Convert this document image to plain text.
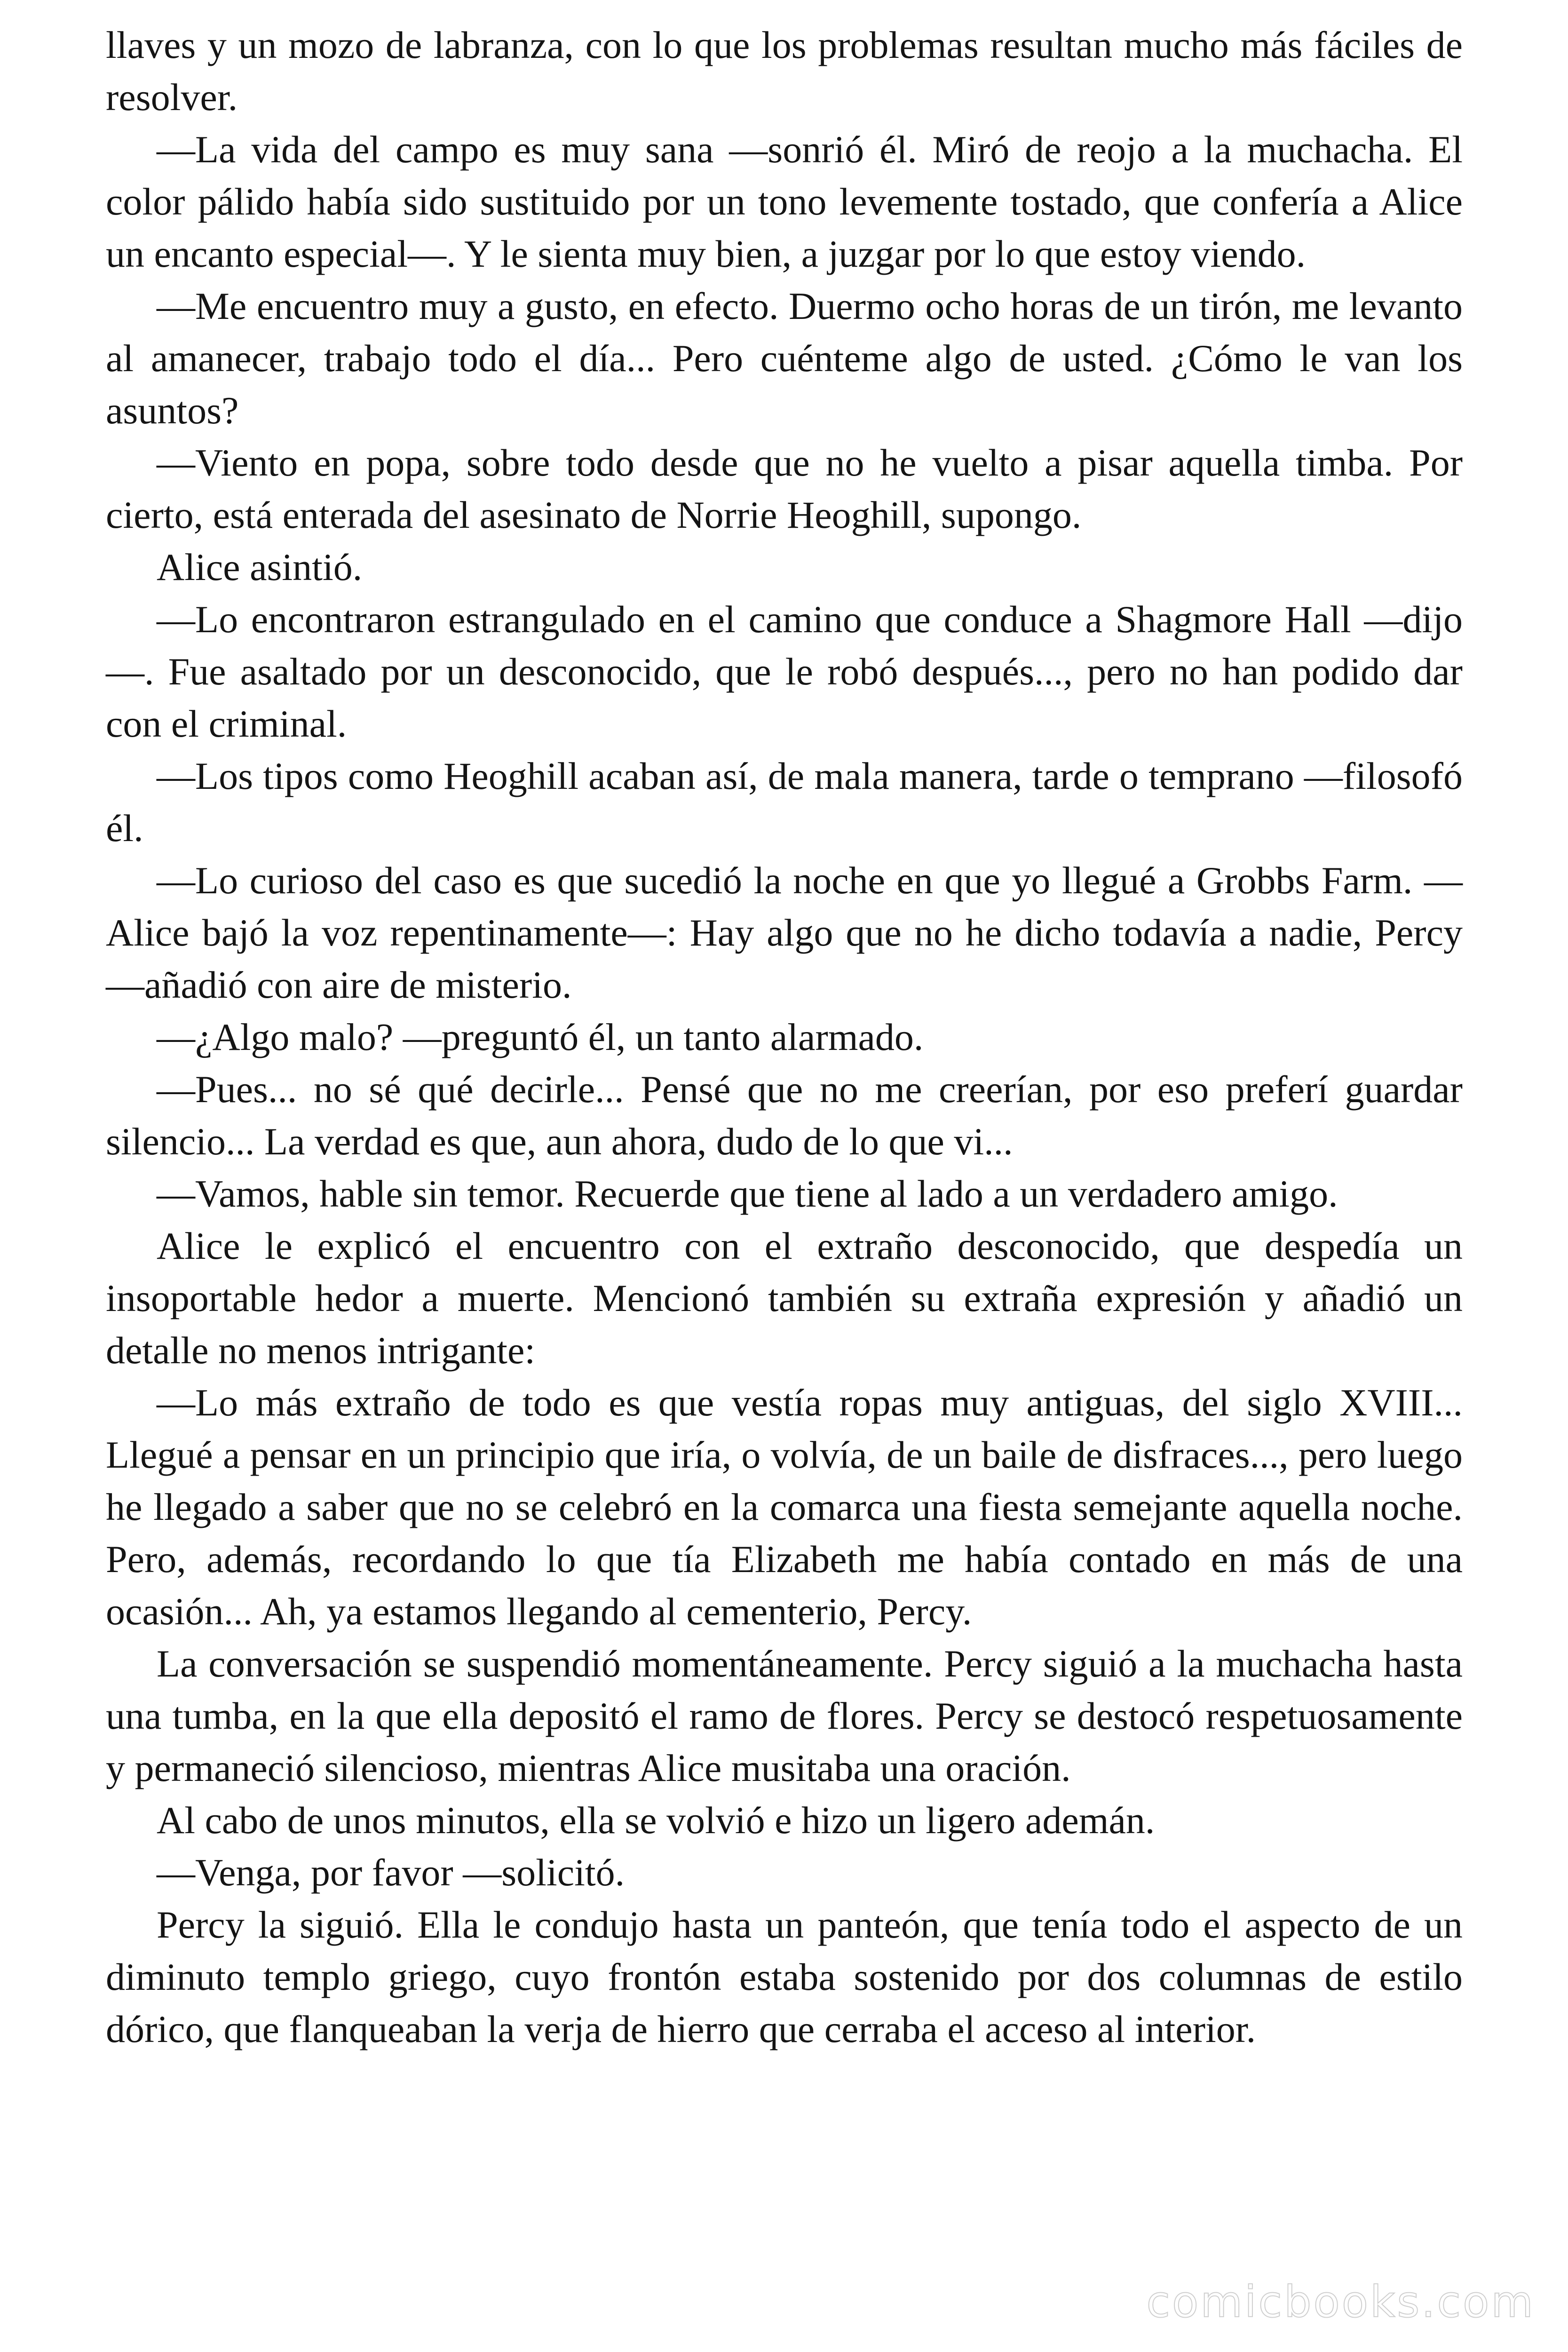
llaves y un mozo de labranza, con lo que los problemas resultan mucho más fáciles de resolver.

—La vida del campo es muy sana —sonrió él. Miró de reojo a la muchacha. El color pálido había sido sustituido por un tono levemente tostado, que confería a Alice un encanto especial—. Y le sienta muy bien, a juzgar por lo que estoy viendo.

—Me encuentro muy a gusto, en efecto. Duermo ocho horas de un tirón, me levanto al amanecer, trabajo todo el día... Pero cuénteme algo de usted. ¿Cómo le van los asuntos?

—Viento en popa, sobre todo desde que no he vuelto a pisar aquella timba. Por cierto, está enterada del asesinato de Norrie Heoghill, supongo.

Alice asintió.

—Lo encontraron estrangulado en el camino que conduce a Shagmore Hall —dijo—. Fue asaltado por un desconocido, que le robó después..., pero no han podido dar con el criminal.

—Los tipos como Heoghill acaban así, de mala manera, tarde o temprano —filosofó él.

—Lo curioso del caso es que sucedió la noche en que yo llegué a Grobbs Farm. —Alice bajó la voz repentinamente—: Hay algo que no he dicho todavía a nadie, Percy —añadió con aire de misterio.

—¿Algo malo? —preguntó él, un tanto alarmado.

—Pues... no sé qué decirle... Pensé que no me creerían, por eso preferí guardar silencio... La verdad es que, aun ahora, dudo de lo que vi...

—Vamos, hable sin temor. Recuerde que tiene al lado a un verdadero amigo.

Alice le explicó el encuentro con el extraño desconocido, que despedía un insoportable hedor a muerte. Mencionó también su extraña expresión y añadió un detalle no menos intrigante:

—Lo más extraño de todo es que vestía ropas muy antiguas, del siglo XVIII... Llegué a pensar en un principio que iría, o volvía, de un baile de disfraces..., pero luego he llegado a saber que no se celebró en la comarca una fiesta semejante aquella noche. Pero, además, recordando lo que tía Elizabeth me había contado en más de una ocasión... Ah, ya estamos llegando al cementerio, Percy.

La conversación se suspendió momentáneamente. Percy siguió a la muchacha hasta una tumba, en la que ella depositó el ramo de flores. Percy se destocó respetuosamente y permaneció silencioso, mientras Alice musitaba una oración.

Al cabo de unos minutos, ella se volvió e hizo un ligero ademán.

—Venga, por favor —solicitó.

Percy la siguió. Ella le condujo hasta un panteón, que tenía todo el aspecto de un diminuto templo griego, cuyo frontón estaba sostenido por dos columnas de estilo dórico, que flanqueaban la verja de hierro que cerraba el acceso al interior.

comicbooks.com
